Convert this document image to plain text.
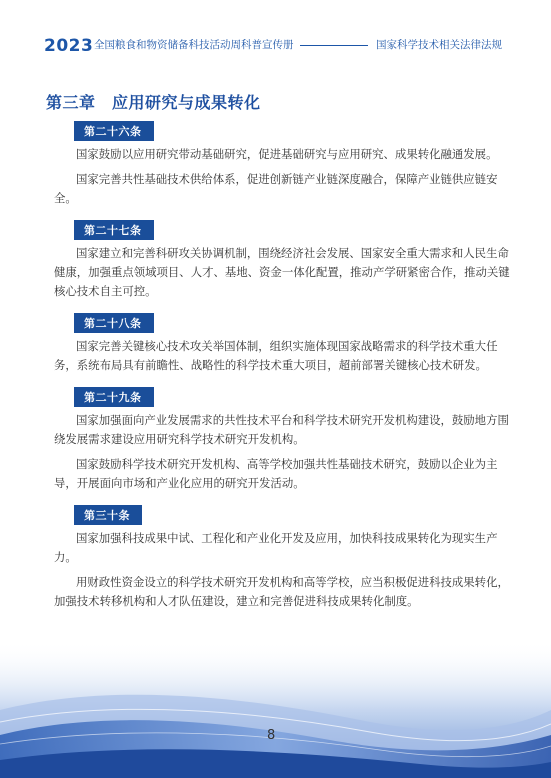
2023 全国粮食和物资储备科技活动周科普宣传册	国家科学技术相关法律法规
第三章　应用研究与成果转化
第二十六条

国家鼓励以应用研究带动基础研究，促进基础研究与应用研究、成果转化融通发展。

国家完善共性基础技术供给体系，促进创新链产业链深度融合，保障产业链供应链安全。

第二十七条

国家建立和完善科研攻关协调机制，围绕经济社会发展、国家安全重大需求和人民生命健康，加强重点领域项目、人才、基地、资金一体化配置，推动产学研紧密合作，推动关键核心技术自主可控。

第二十八条

国家完善关键核心技术攻关举国体制，组织实施体现国家战略需求的科学技术重大任务，系统布局具有前瞻性、战略性的科学技术重大项目，超前部署关键核心技术研发。

第二十九条

国家加强面向产业发展需求的共性技术平台和科学技术研究开发机构建设，鼓励地方围绕发展需求建设应用研究科学技术研究开发机构。

国家鼓励科学技术研究开发机构、高等学校加强共性基础技术研究，鼓励以企业为主导，开展面向市场和产业化应用的研究开发活动。

第三十条

国家加强科技成果中试、工程化和产业化开发及应用，加快科技成果转化为现实生产力。

用财政性资金设立的科学技术研究开发机构和高等学校，应当积极促进科技成果转化，加强技术转移机构和人才队伍建设，建立和完善促进科技成果转化制度。

8
